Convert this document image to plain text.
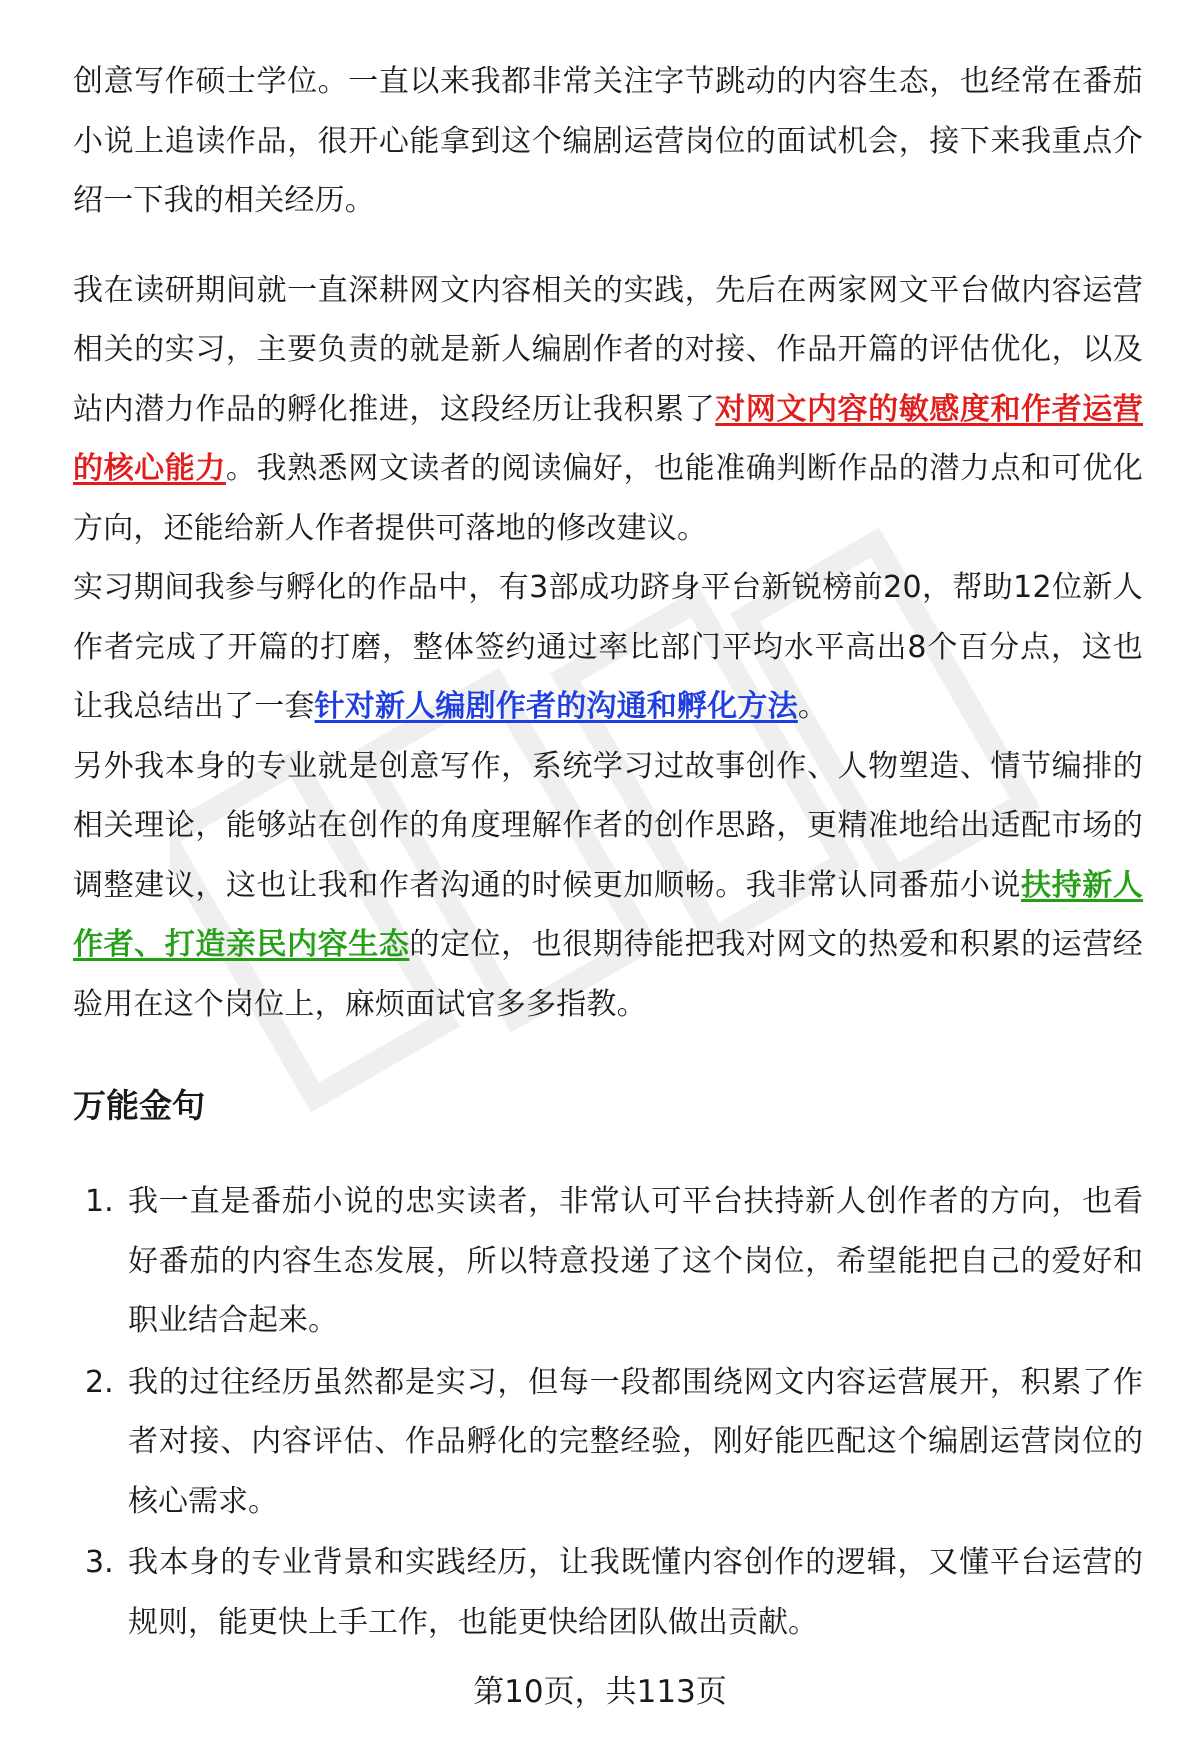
创意写作硕士学位。一直以来我都非常关注字节跳动的内容生态，也经常在番茄小说上追读作品，很开心能拿到这个编剧运营岗位的面试机会，接下来我重点介绍一下我的相关经历。

我在读研期间就一直深耕网文内容相关的实践，先后在两家网文平台做内容运营相关的实习，主要负责的就是新人编剧作者的对接、作品开篇的评估优化，以及站内潜力作品的孵化推进，这段经历让我积累了对网文内容的敏感度和作者运营的核心能力。我熟悉网文读者的阅读偏好，也能准确判断作品的潜力点和可优化方向，还能给新人作者提供可落地的修改建议。

实习期间我参与孵化的作品中，有3部成功跻身平台新锐榜前20，帮助12位新人作者完成了开篇的打磨，整体签约通过率比部门平均水平高出8个百分点，这也让我总结出了一套针对新人编剧作者的沟通和孵化方法。

另外我本身的专业就是创意写作，系统学习过故事创作、人物塑造、情节编排的相关理论，能够站在创作的角度理解作者的创作思路，更精准地给出适配市场的调整建议，这也让我和作者沟通的时候更加顺畅。我非常认同番茄小说扶持新人作者、打造亲民内容生态的定位，也很期待能把我对网文的热爱和积累的运营经验用在这个岗位上，麻烦面试官多多指教。

万能金句
1. 我一直是番茄小说的忠实读者，非常认可平台扶持新人创作者的方向，也看好番茄的内容生态发展，所以特意投递了这个岗位，希望能把自己的爱好和职业结合起来。
2. 我的过往经历虽然都是实习，但每一段都围绕网文内容运营展开，积累了作者对接、内容评估、作品孵化的完整经验，刚好能匹配这个编剧运营岗位的核心需求。
3. 我本身的专业背景和实践经历，让我既懂内容创作的逻辑，又懂平台运营的规则，能更快上手工作，也能更快给团队做出贡献。
第10页，共113页
